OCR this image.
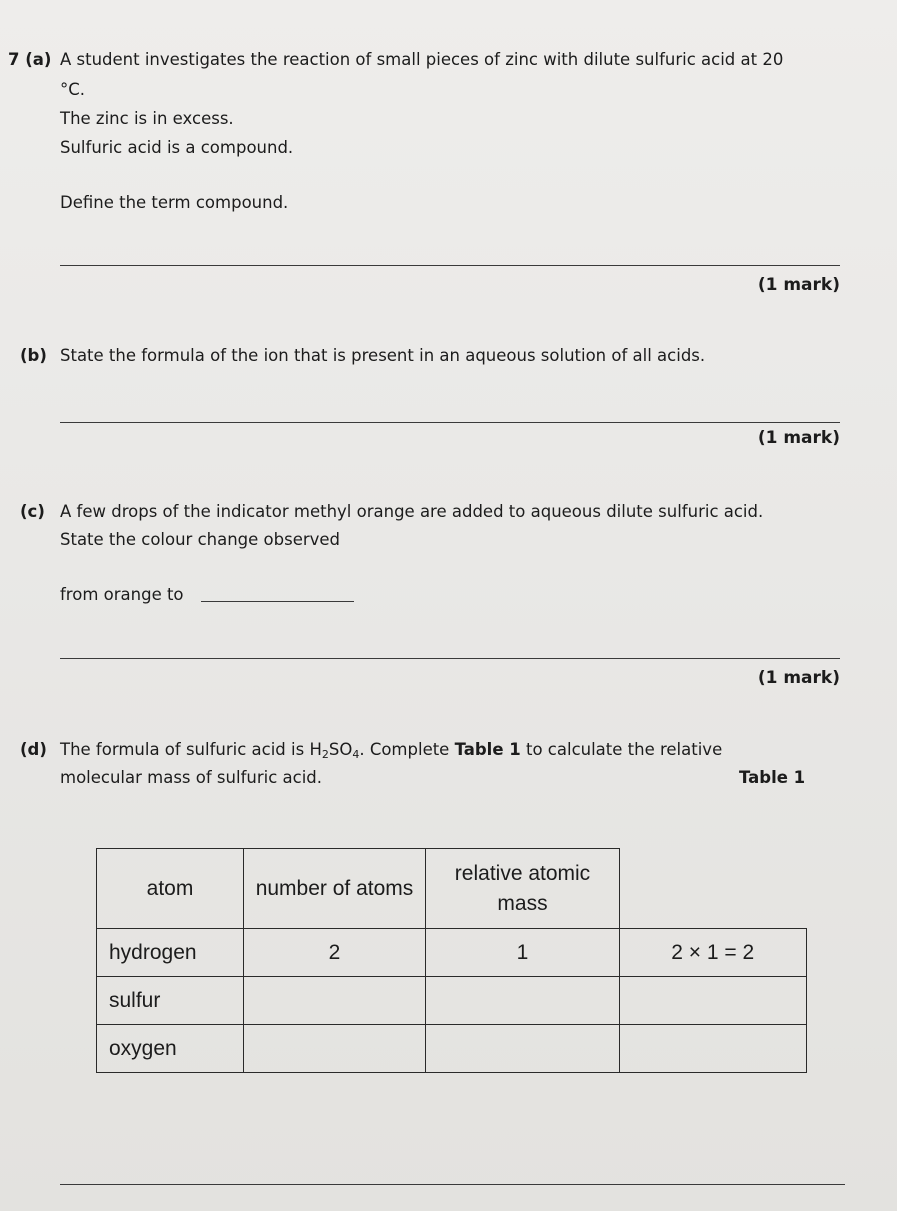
7 (a) A student investigates the reaction of small pieces of zinc with dilute sulfuric acid at 20
°C.
The zinc is in excess.
Sulfuric acid is a compound.
Define the term compound.
(1 mark)
(b) State the formula of the ion that is present in an aqueous solution of all acids.
(1 mark)
(c) A few drops of the indicator methyl orange are added to aqueous dilute sulfuric acid.
State the colour change observed
from orange to
(1 mark)
(d) The formula of sulfuric acid is $H_2SO_4$. Complete Table 1 to calculate the relative
molecular mass of sulfuric acid.	Table 1
atom	number of atoms	relative atomic mass	
hydrogen	2	1	2 × 1 = 2
sulfur			
oxygen			
